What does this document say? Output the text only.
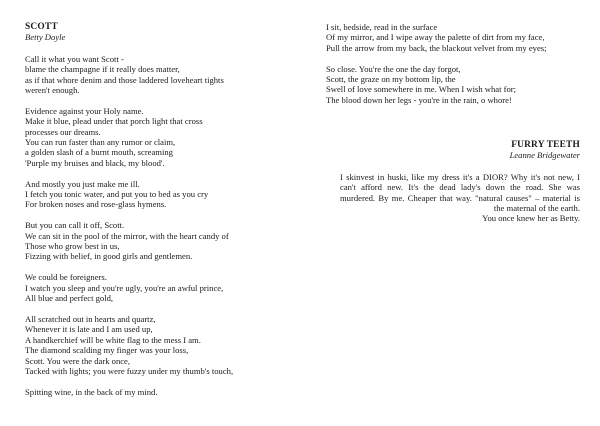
SCOTT
Betty Doyle
Call it what you want Scott -
blame the champagne if it really does matter,
as if that whore denim and those laddered loveheart tights
weren't enough.
Evidence against your Holy name.
Make it blue, plead under that porch light that cross
processes our dreams.
You can run faster than any rumor or claim,
a golden slash of a burnt mouth, screaming
'Purple my bruises and black, my blood'.
And mostly you just make me ill.
I fetch you tonic water, and put you to bed as you cry
For broken noses and rose-glass hymens.
But you can call it off, Scott.
We can sit in the pool of the mirror, with the heart candy of
Those who grow best in us,
Fizzing with belief, in good girls and gentlemen.
We could be foreigners.
I watch you sleep and you're ugly, you're an awful prince,
All blue and perfect gold,
All scratched out in hearts and quartz,
Whenever it is late and I am used up,
A handkerchief will be white flag to the mess I am.
The diamond scalding my finger was your loss,
Scott. You were the dark once,
Tacked with lights; you were fuzzy under my thumb's touch,
Spitting wine, in the back of my mind.
I sit, bedside, read in the surface
Of my mirror, and I wipe away the palette of dirt from my face,
Pull the arrow from my back, the blackout velvet from my eyes;
So close. You're the one the day forgot,
Scott, the graze on my bottom lip, the
Swell of love somewhere in me. When I wish what for;
The blood down her legs - you're in the rain, o whore!
FURRY TEETH
Leanne Bridgewater
I skinvest in huski, like my dress it's a DIOR? Why it's not new, I can't afford new. It's the dead lady's down the road. She was murdered. By me. Cheaper that way. "natural causes" – material is the maternal of the earth.
You once knew her as Betty.
